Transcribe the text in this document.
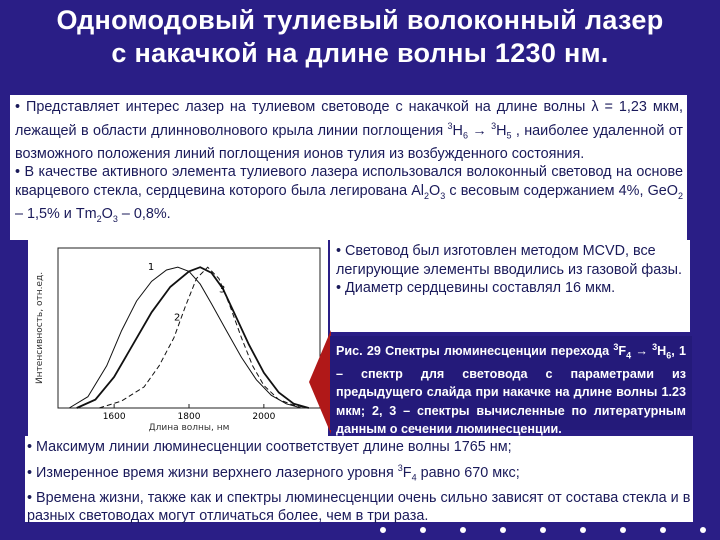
Одномодовый тулиевый волоконный лазер
с накачкой на длине волны 1230 нм.

• Представляет интерес лазер на тулиевом световоде с накачкой на длине волны λ = 1,23 мкм, лежащей в области длинноволнового крыла линии поглощения $^3H_6 \to ^3H_5$ , наиболее удаленной от возможного положения линий поглощения ионов тулия из возбужденного состояния.

• В качестве активного элемента тулиевого лазера использовался волоконный световод на основе кварцевого стекла, сердцевина которого была легирована $Al_2O_3$ с весовым содержанием 4%, GeO$_2$ – 1,5% и $Tm_2O_3 - 0,8\%$.

1
2
3
1600	1800	2000
Интенсивность, отн.ед.
Длина волны, нм

• Световод был изготовлен методом MCVD, все легирующие элементы вводились из газовой фазы.

• Диаметр сердцевины составлял 16 мкм.

Рис. 29 Спектры люминесценции перехода $^3F_4 \to ^3H_6$, 1 – спектр для световода с параметрами из предыдущего слайда при накачке на длине волны 1.23 мкм; 2, 3 – спектры вычисленные по литературным данным о сечении люминесценции.

• Максимум линии люминесценции соответствует длине волны 1765 нм;

• Измеренное время жизни верхнего лазерного уровня $^3F_4$ равно 670 мкс;

• Времена жизни, также как и спектры люминесценции очень сильно зависят от состава стекла и в разных световодах могут отличаться более, чем в три раза.
